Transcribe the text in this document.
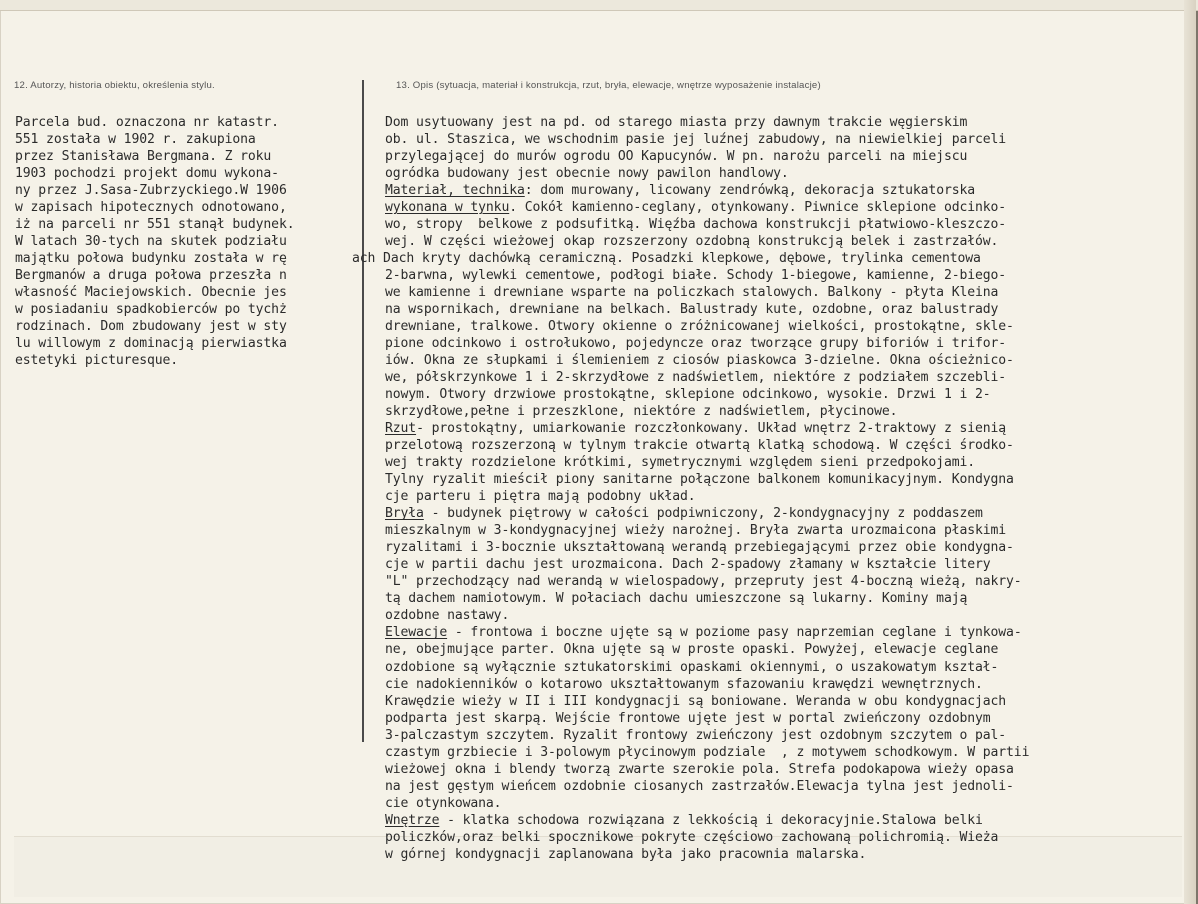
12. Autorzy, historia obiektu, określenia stylu.	13. Opis (sytuacja, materiał i konstrukcja, rzut, bryła, elewacje, wnętrze wyposażenie instalacje)
Parcela bud. oznaczona nr katastr.
551 została w 1902 r. zakupiona
przez Stanisława Bergmana. Z roku
1903 pochodzi projekt domu wykona-
ny przez J.Sasa-Zubrzyckiego.W 1906
w zapisach hipotecznych odnotowano,
iż na parceli nr 551 stanął budynek.
W latach 30-tych na skutek podziału
majątku połowa budynku została w rę
Bergmanów a druga połowa przeszła n
własność Maciejowskich. Obecnie jes
w posiadaniu spadkobierców po tychż
rodzinach. Dom zbudowany jest w sty
lu willowym z dominacją pierwiastka
estetyki picturesque.
Dom usytuowany jest na pd. od starego miasta przy dawnym trakcie węgierskim
ob. ul. Staszica, we wschodnim pasie jej luźnej zabudowy, na niewielkiej parceli
przylegającej do murów ogrodu OO Kapucynów. W pn. narożu parceli na miejscu
ogródka budowany jest obecnie nowy pawilon handlowy.
Materiał, technika: dom murowany, licowany zendrówką, dekoracja sztukatorska
wykonana w tynku. Cokół kamienno-ceglany, otynkowany. Piwnice sklepione odcinko-
wo, stropy  belkowe z podsufitką. Więźba dachowa konstrukcji płatwiowo-kleszczo-
wej. W części wieżowej okap rozszerzony ozdobną konstrukcją belek i zastrzałów.
ach Dach kryty dachówką ceramiczną. Posadzki klepkowe, dębowe, trylinka cementowa
2-barwna, wylewki cementowe, podłogi białe. Schody 1-biegowe, kamienne, 2-biego-
we kamienne i drewniane wsparte na policzkach stalowych. Balkony - płyta Kleina
na wspornikach, drewniane na belkach. Balustrady kute, ozdobne, oraz balustrady
drewniane, tralkowe. Otwory okienne o zróżnicowanej wielkości, prostokątne, skle-
pione odcinkowo i ostrołukowo, pojedyncze oraz tworzące grupy biforiów i trifor-
iów. Okna ze słupkami i ślemieniem z ciosów piaskowca 3-dzielne. Okna ościeżnico-
we, półskrzynkowe 1 i 2-skrzydłowe z nadświetlem, niektóre z podziałem szczebli-
nowym. Otwory drzwiowe prostokątne, sklepione odcinkowo, wysokie. Drzwi 1 i 2-
skrzydłowe,pełne i przeszklone, niektóre z nadświetlem, płycinowe.
Rzut- prostokątny, umiarkowanie rozczłonkowany. Układ wnętrz 2-traktowy z sienią
przelotową rozszerzoną w tylnym trakcie otwartą klatką schodową. W części środko-
wej trakty rozdzielone krótkimi, symetrycznymi względem sieni przedpokojami.
Tylny ryzalit mieścił piony sanitarne połączone balkonem komunikacyjnym. Kondygna
cje parteru i piętra mają podobny układ.
Bryła - budynek piętrowy w całości podpiwniczony, 2-kondygnacyjny z poddaszem
mieszkalnym w 3-kondygnacyjnej wieży narożnej. Bryła zwarta urozmaicona płaskimi
ryzalitami i 3-bocznie ukształtowaną werandą przebiegającymi przez obie kondygna-
cje w partii dachu jest urozmaicona. Dach 2-spadowy złamany w kształcie litery
"L" przechodzący nad werandą w wielospadowy, przepruty jest 4-boczną wieżą, nakry-
tą dachem namiotowym. W połaciach dachu umieszczone są lukarny. Kominy mają
ozdobne nastawy.
Elewacje - frontowa i boczne ujęte są w poziome pasy naprzemian ceglane i tynkowa-
ne, obejmujące parter. Okna ujęte są w proste opaski. Powyżej, elewacje ceglane
ozdobione są wyłącznie sztukatorskimi opaskami okiennymi, o uszakowatym kształ-
cie nadokienników o kotarowo ukształtowanym sfazowaniu krawędzi wewnętrznych.
Krawędzie wieży w II i III kondygnacji są boniowane. Weranda w obu kondygnacjach
podparta jest skarpą. Wejście frontowe ujęte jest w portal zwieńczony ozdobnym
3-palczastym szczytem. Ryzalit frontowy zwieńczony jest ozdobnym szczytem o pal-
czastym grzbiecie i 3-polowym płycinowym podziale  , z motywem schodkowym. W partii
wieżowej okna i blendy tworzą zwarte szerokie pola. Strefa podokapowa wieży opasa
na jest gęstym wieńcem ozdobnie ciosanych zastrzałów.Elewacja tylna jest jednoli-
cie otynkowana.
Wnętrze - klatka schodowa rozwiązana z lekkością i dekoracyjnie.Stalowa belki
policzków,oraz belki spocznikowe pokryte częściowo zachowaną polichromią. Wieża
w górnej kondygnacji zaplanowana była jako pracownia malarska.
